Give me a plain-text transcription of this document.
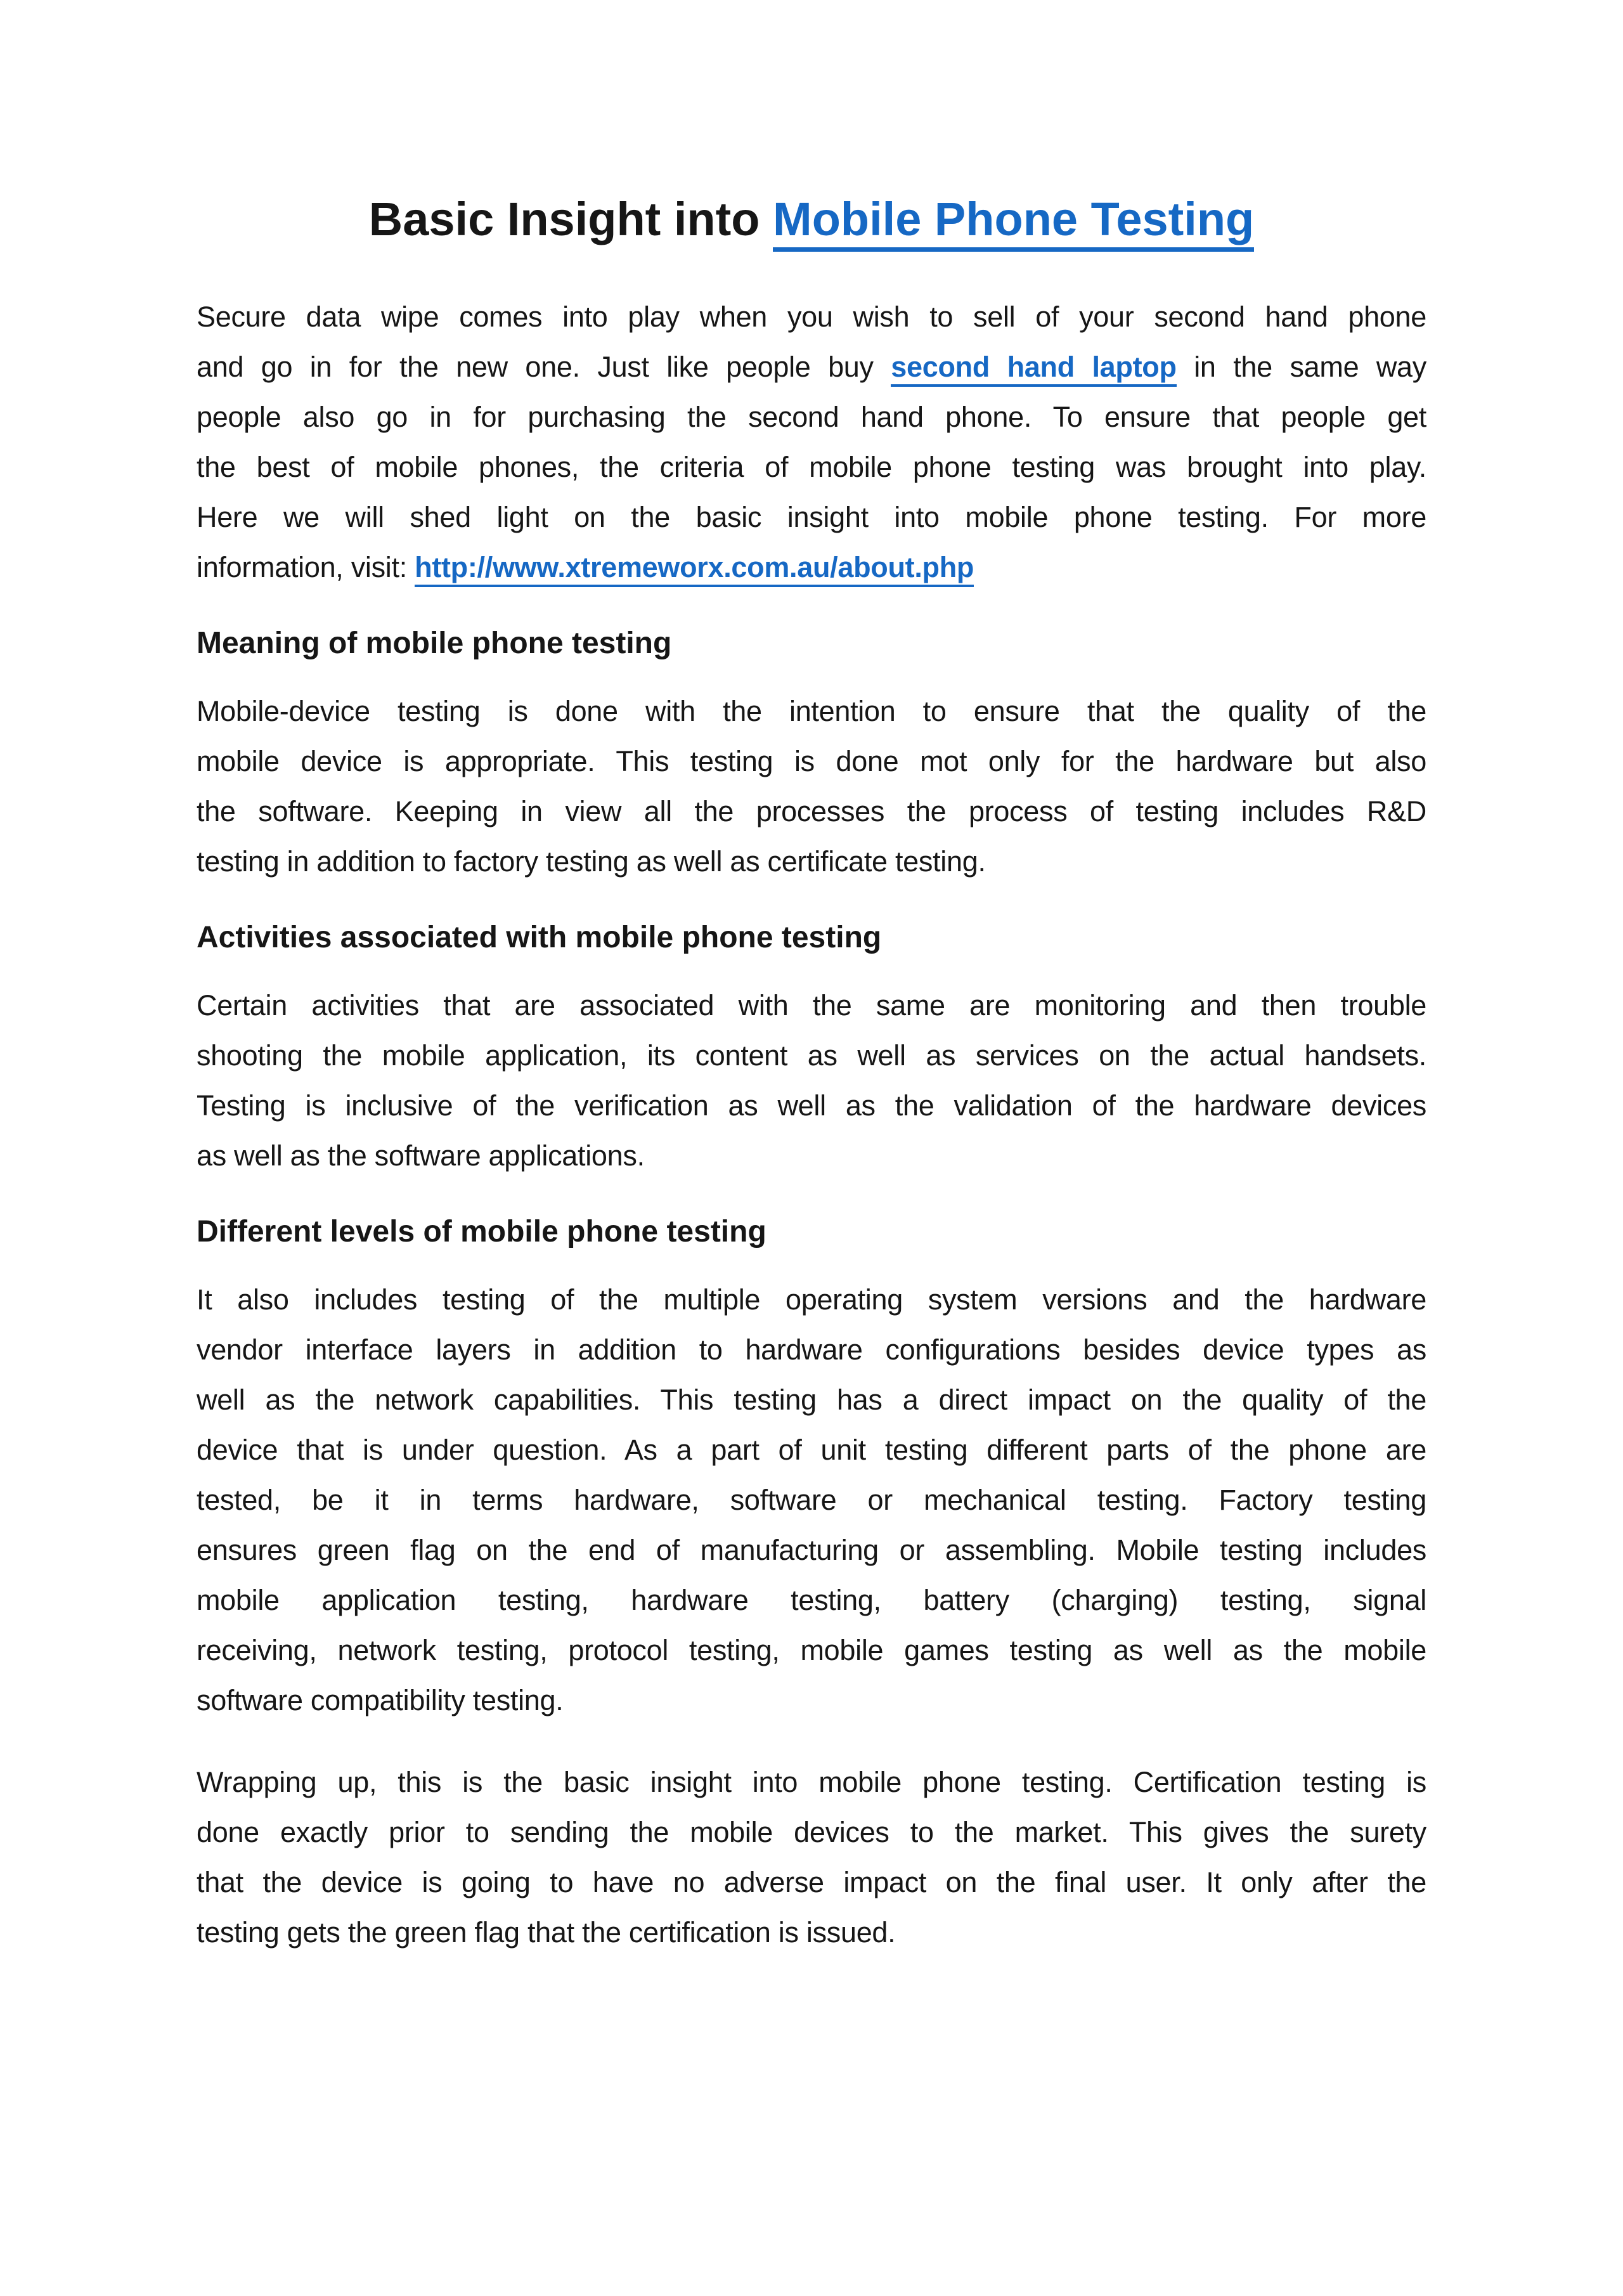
Basic Insight into Mobile Phone Testing
Secure data wipe comes into play when you wish to sell of your second hand phone
and go in for the new one. Just like people buy second hand laptop in the same way
people also go in for purchasing the second hand phone. To ensure that people get
the best of mobile phones, the criteria of mobile phone testing was brought into play.
Here we will shed light on the basic insight into mobile phone testing. For more
information, visit: http://www.xtremeworx.com.au/about.php
Meaning of mobile phone testing
Mobile-device testing is done with the intention to ensure that the quality of the
mobile device is appropriate. This testing is done mot only for the hardware but also
the software. Keeping in view all the processes the process of testing includes R&D
testing in addition to factory testing as well as certificate testing.
Activities associated with mobile phone testing
Certain activities that are associated with the same are monitoring and then trouble
shooting the mobile application, its content as well as services on the actual handsets.
Testing is inclusive of the verification as well as the validation of the hardware devices
as well as the software applications.
Different levels of mobile phone testing
It also includes testing of the multiple operating system versions and the hardware
vendor interface layers in addition to hardware configurations besides device types as
well as the network capabilities. This testing has a direct impact on the quality of the
device that is under question. As a part of unit testing different parts of the phone are
tested, be it in terms hardware, software or mechanical testing. Factory testing
ensures green flag on the end of manufacturing or assembling. Mobile testing includes
mobile application testing, hardware testing, battery (charging) testing, signal
receiving, network testing, protocol testing, mobile games testing as well as the mobile
software compatibility testing.
Wrapping up, this is the basic insight into mobile phone testing. Certification testing is
done exactly prior to sending the mobile devices to the market. This gives the surety
that the device is going to have no adverse impact on the final user. It only after the
testing gets the green flag that the certification is issued.
